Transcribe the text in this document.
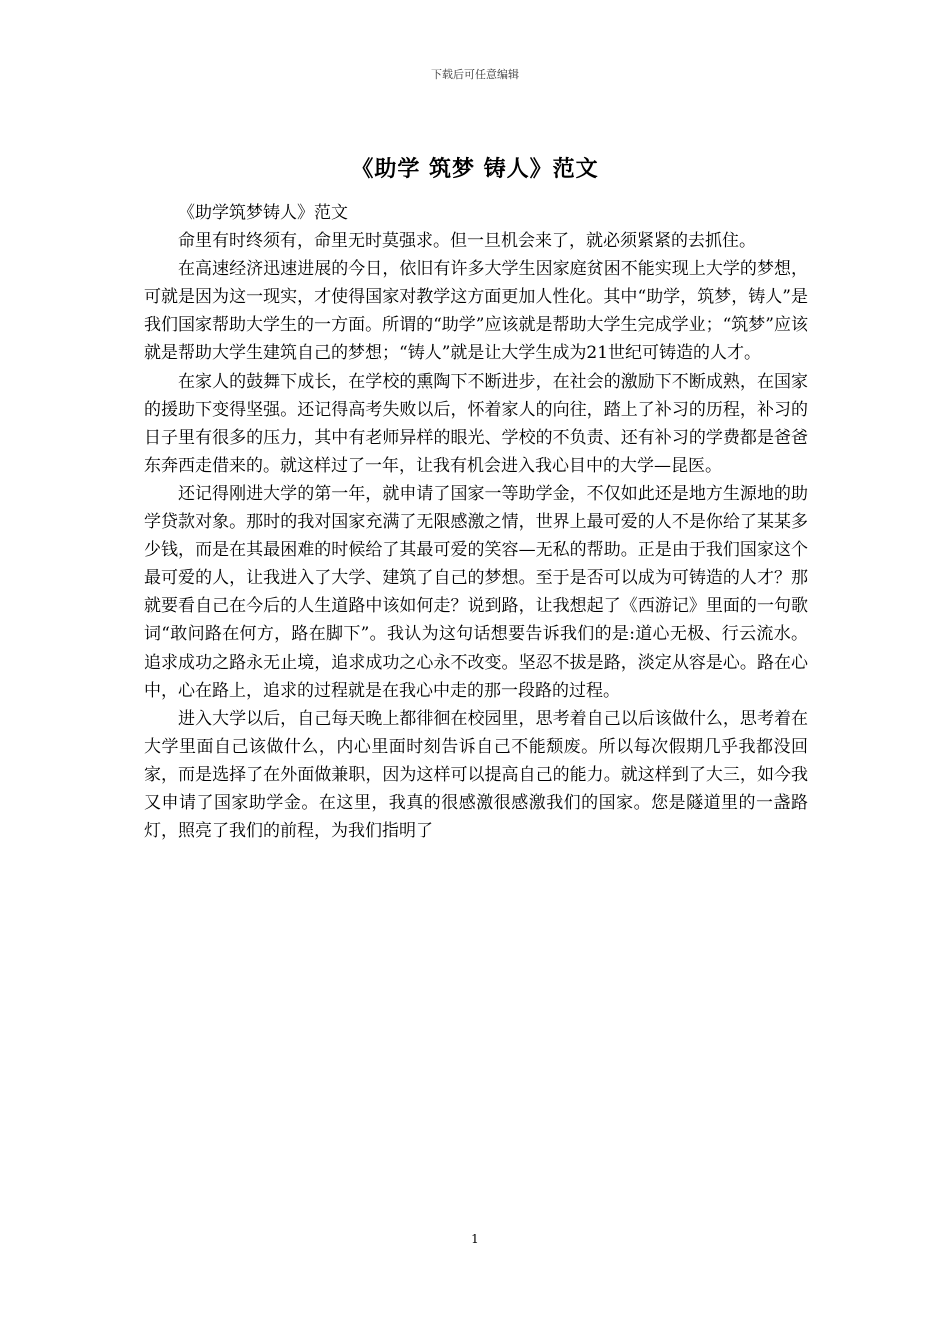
下载后可任意编辑
《助学 筑梦 铸人》范文

《助学筑梦铸人》范文

命里有时终须有，命里无时莫强求。但一旦机会来了，就必须紧紧的去抓住。

在高速经济迅速进展的今日，依旧有许多大学生因家庭贫困不能实现上大学的梦想，可就是因为这一现实，才使得国家对教学这方面更加人性化。其中“助学，筑梦，铸人”是我们国家帮助大学生的一方面。所谓的“助学”应该就是帮助大学生完成学业；“筑梦”应该就是帮助大学生建筑自己的梦想；“铸人”就是让大学生成为21世纪可铸造的人才。

在家人的鼓舞下成长，在学校的熏陶下不断进步，在社会的激励下不断成熟，在国家的援助下变得坚强。还记得高考失败以后，怀着家人的向往，踏上了补习的历程，补习的日子里有很多的压力，其中有老师异样的眼光、学校的不负责、还有补习的学费都是爸爸东奔西走借来的。就这样过了一年，让我有机会进入我心目中的大学—昆医。

还记得刚进大学的第一年，就申请了国家一等助学金，不仅如此还是地方生源地的助学贷款对象。那时的我对国家充满了无限感激之情，世界上最可爱的人不是你给了某某多少钱，而是在其最困难的时候给了其最可爱的笑容—无私的帮助。正是由于我们国家这个最可爱的人，让我进入了大学、建筑了自己的梦想。至于是否可以成为可铸造的人才？那就要看自己在今后的人生道路中该如何走？说到路，让我想起了《西游记》里面的一句歌词“敢问路在何方，路在脚下”。我认为这句话想要告诉我们的是:道心无极、行云流水。追求成功之路永无止境，追求成功之心永不改变。坚忍不拔是路，淡定从容是心。路在心中，心在路上，追求的过程就是在我心中走的那一段路的过程。

进入大学以后，自己每天晚上都徘徊在校园里，思考着自己以后该做什么，思考着在大学里面自己该做什么，内心里面时刻告诉自己不能颓废。所以每次假期几乎我都没回家，而是选择了在外面做兼职，因为这样可以提高自己的能力。就这样到了大三，如今我又申请了国家助学金。在这里，我真的很感激很感激我们的国家。您是隧道里的一盏路灯，照亮了我们的前程，为我们指明了

1
